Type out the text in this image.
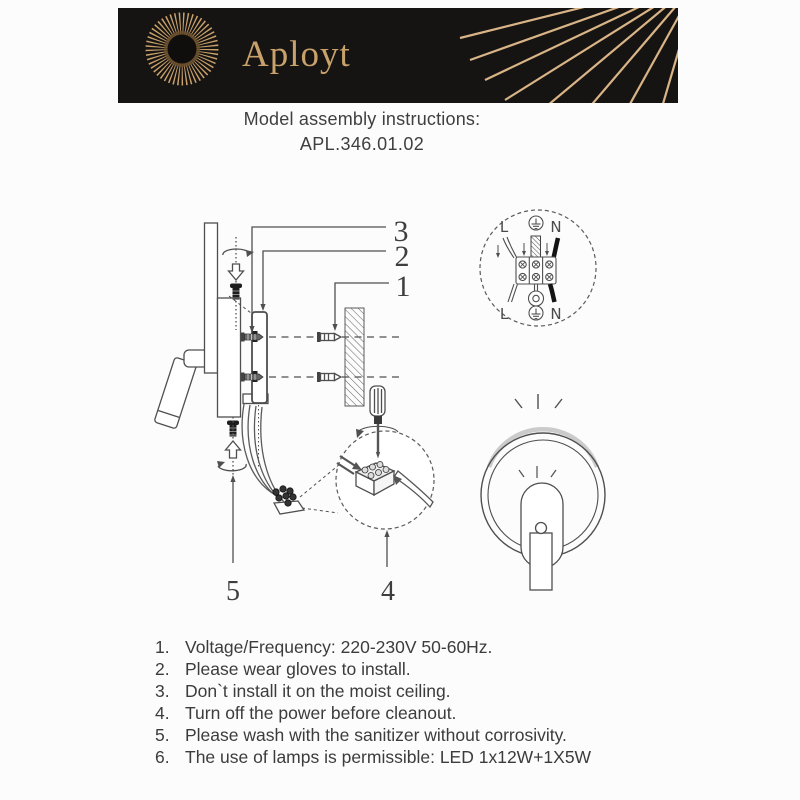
Aployt
Model assembly instructions:
APL.346.01.02
3
2
1
5	4
L	N
L	N
1. Voltage/Frequency: 220-230V 50-60Hz.
2. Please wear gloves to install.
3. Don`t install it on the moist ceiling.
4. Turn off the power before cleanout.
5. Please wash with the sanitizer without corrosivity.
6. The use of lamps is permissible: LED 1x12W+1X5W
